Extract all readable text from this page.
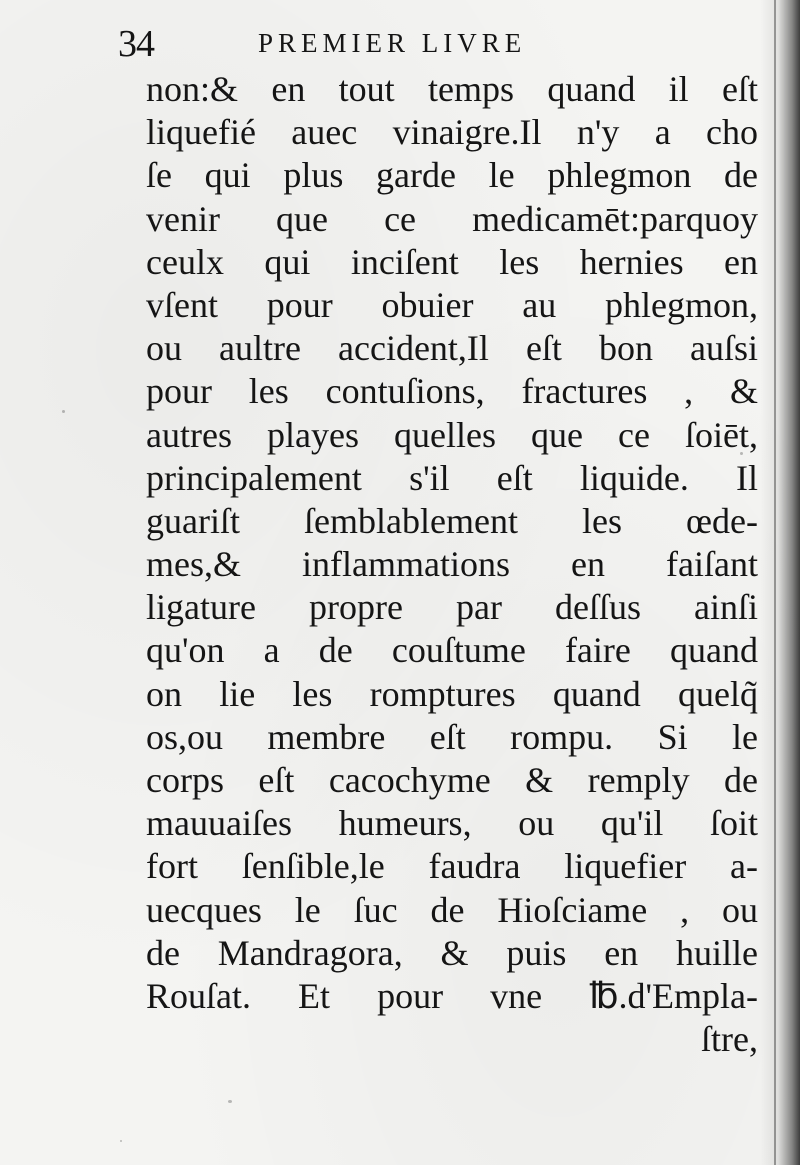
34	PREMIER LIVRE
non:& en tout temps quand il eſt
liquefié auec vinaigre.Il n'y a cho
ſe qui plus garde le phlegmon de
venir que ce medicamēt:parquoy
ceulx qui inciſent les hernies en
vſent pour obuier au phlegmon,
ou aultre accident,Il eſt bon auſsi
pour les contuſions, fractures , &
autres playes quelles que ce ſoiēt,
principalement s'il eſt liquide. Il
guariſt ſemblablement les œde-
mes,& inflammations en faiſant
ligature propre par deſſus ainſi
qu'on a de couſtume faire quand
on lie les romptures quand quelq̃
os,ou membre eſt rompu. Si le
corps eſt cacochyme & remply de
mauuaiſes humeurs, ou qu'il ſoit
fort ſenſible,le faudra liquefier a-
uecques le ſuc de Hioſciame , ou
de Mandragora, & puis en huille
Rouſat. Et pour vne ℔.d'Empla-
ſtre,
